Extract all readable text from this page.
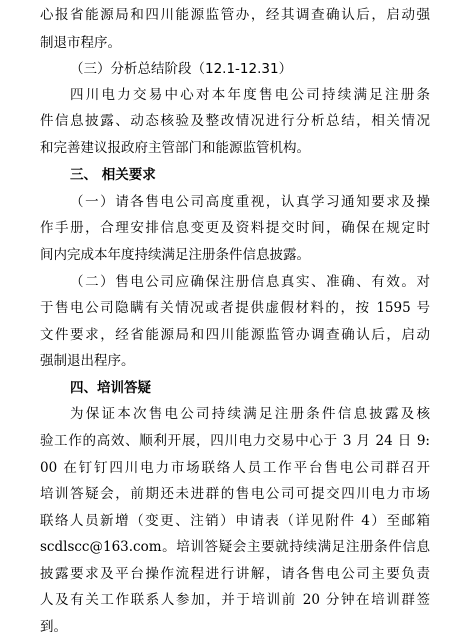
心报省能源局和四川能源监管办，经其调查确认后，启动强
制退市程序。
（三）分析总结阶段（12.1-12.31）
四川电力交易中心对本年度售电公司持续满足注册条
件信息披露、动态核验及整改情况进行分析总结，相关情况
和完善建议报政府主管部门和能源监管机构。
三、 相关要求
（一）请各售电公司高度重视，认真学习通知要求及操
作手册，合理安排信息变更及资料提交时间，确保在规定时
间内完成本年度持续满足注册条件信息披露。
（二）售电公司应确保注册信息真实、准确、有效。对
于售电公司隐瞒有关情况或者提供虚假材料的，按 1595 号
文件要求，经省能源局和四川能源监管办调查确认后，启动
强制退出程序。
四、培训答疑
为保证本次售电公司持续满足注册条件信息披露及核
验工作的高效、顺利开展，四川电力交易中心于 3 月 24 日 9:
00 在钉钉四川电力市场联络人员工作平台售电公司群召开
培训答疑会，前期还未进群的售电公司可提交四川电力市场
联络人员新增（变更、注销）申请表（详见附件 4）至邮箱
scdlscc@163.com。培训答疑会主要就持续满足注册条件信息
披露要求及平台操作流程进行讲解，请各售电公司主要负责
人及有关工作联系人参加，并于培训前 20 分钟在培训群签
到。
